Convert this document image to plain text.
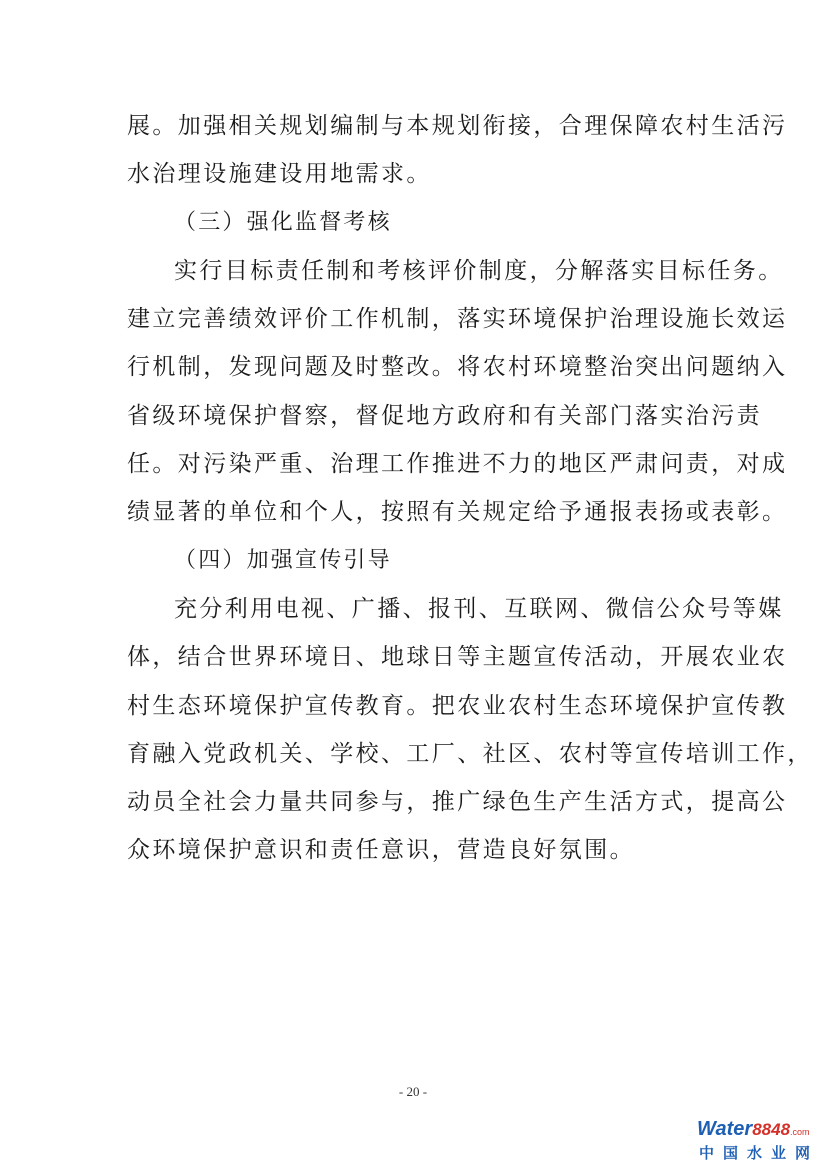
展。加强相关规划编制与本规划衔接，合理保障农村生活污
水治理设施建设用地需求。
（三）强化监督考核
实行目标责任制和考核评价制度，分解落实目标任务。
建立完善绩效评价工作机制，落实环境保护治理设施长效运
行机制，发现问题及时整改。将农村环境整治突出问题纳入
省级环境保护督察，督促地方政府和有关部门落实治污责
任。对污染严重、治理工作推进不力的地区严肃问责，对成
绩显著的单位和个人，按照有关规定给予通报表扬或表彰。
（四）加强宣传引导
充分利用电视、广播、报刊、互联网、微信公众号等媒
体，结合世界环境日、地球日等主题宣传活动，开展农业农
村生态环境保护宣传教育。把农业农村生态环境保护宣传教
育融入党政机关、学校、工厂、社区、农村等宣传培训工作，
动员全社会力量共同参与，推广绿色生产生活方式，提高公
众环境保护意识和责任意识，营造良好氛围。
- 20 -
Water8848.com
中国水业网
